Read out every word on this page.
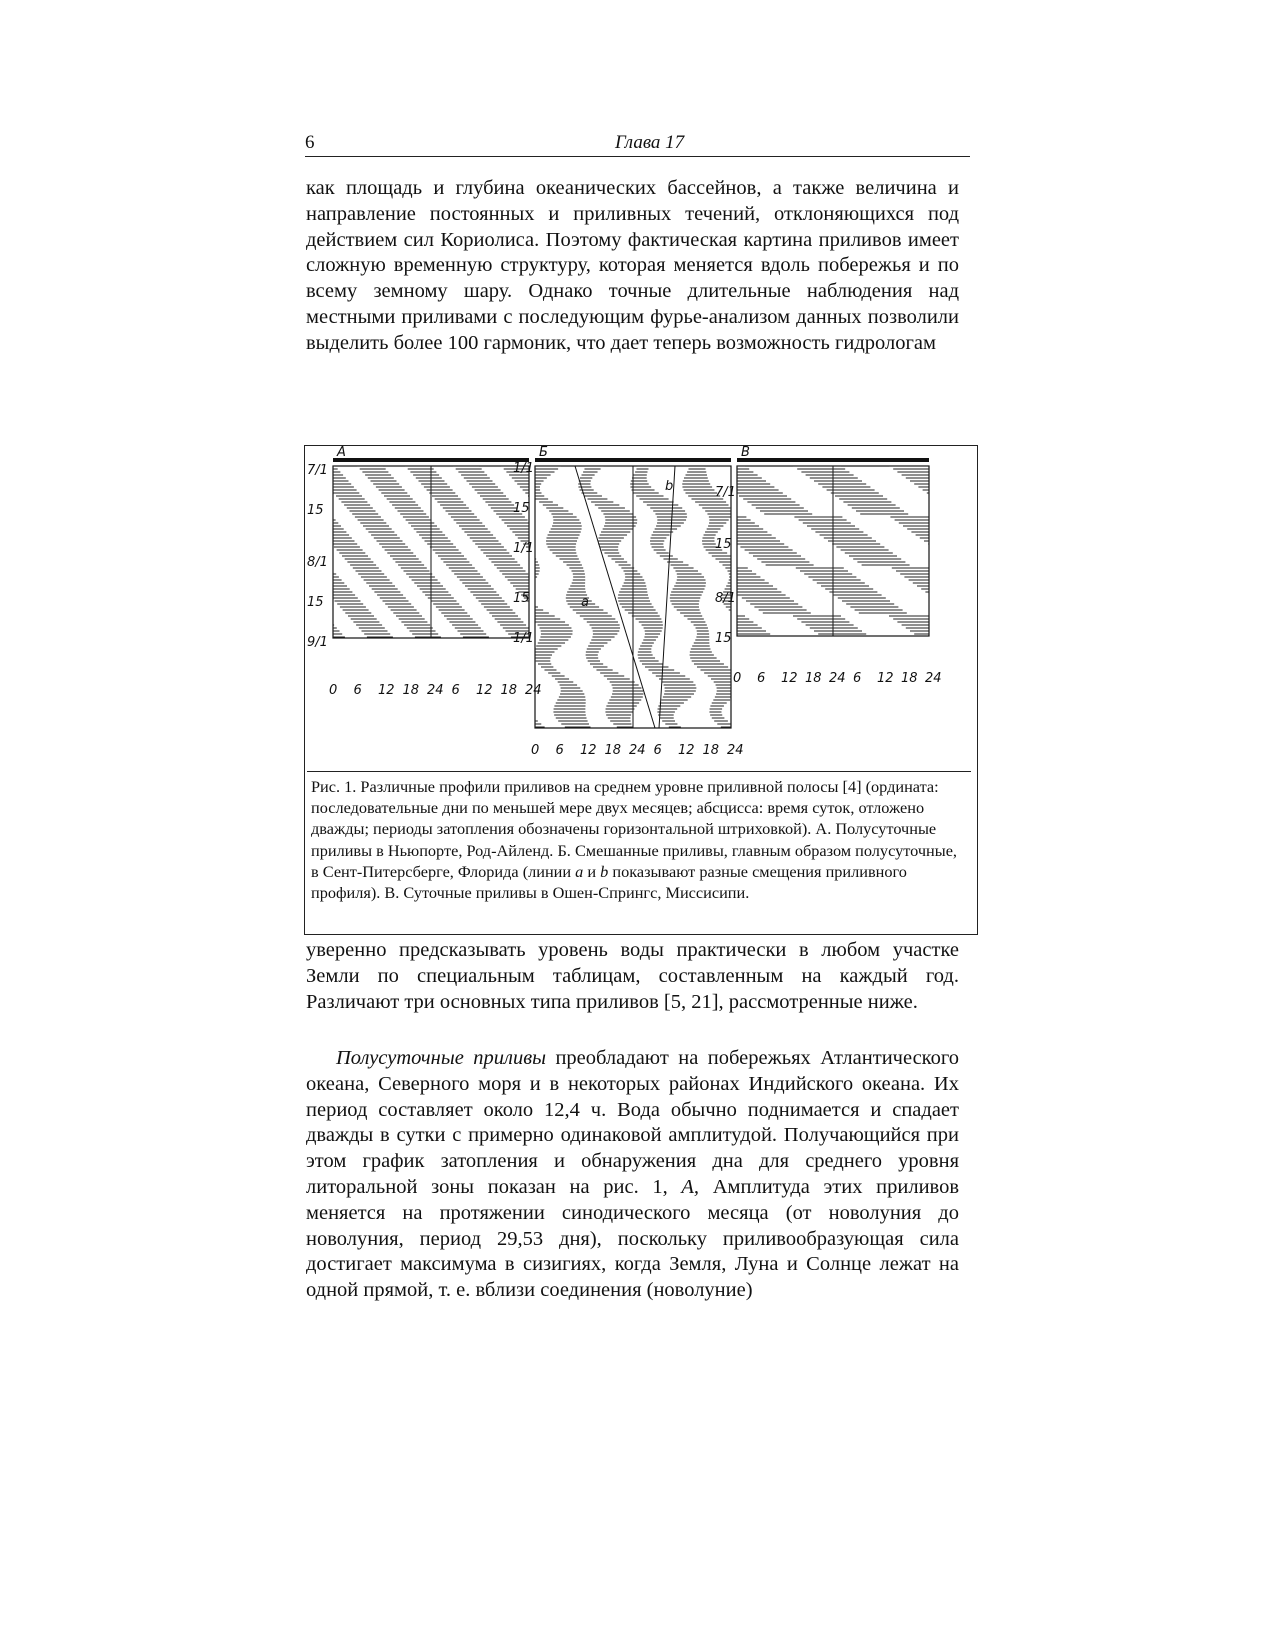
6	Глава 17

как площадь и глубина океанических бассейнов, а также величина и направление постоянных и приливных течений, отклоняющихся под действием сил Кориолиса. Поэтому фактическая картина приливов имеет сложную временную структуру, которая меняется вдоль побережья и по всему земному шару. Однако точные длительные наблюдения над местными приливами с последующим фурье-анализом данных позволили выделить более 100 гармоник, что дает теперь возможность гидрологам

А
7/1
15
8/1
15
9/1
0 6 12 18 24 6 12 18 24
Б
1/1
15
1/1
15
1/1
0 6 12 18 24 6 12 18 24
a
b
В
7/1
15
8/1
15
0 6 12 18 24 6 12 18 24

Рис. 1. Различные профили приливов на среднем уровне приливной полосы [4] (ордината: последовательные дни по меньшей мере двух месяцев; абсцисса: время суток, отложено дважды; периоды затопления обозначены горизонтальной штриховкой). А. Полусуточные приливы в Ньюпорте, Род-Айленд. Б. Смешанные приливы, главным образом полусуточные, в Сент-Питерсберге, Флорида (линии a и b показывают разные смещения приливного профиля). В. Суточные приливы в Ошен-Спрингс, Миссисипи.

уверенно предсказывать уровень воды практически в любом участке Земли по специальным таблицам, составленным на каждый год. Различают три основных типа приливов [5, 21], рассмотренные ниже.

Полусуточные приливы преобладают на побережьях Атлантического океана, Северного моря и в некоторых районах Индийского океана. Их период составляет около 12,4 ч. Вода обычно поднимается и спадает дважды в сутки с примерно одинаковой амплитудой. Получающийся при этом график затопления и обнаружения дна для среднего уровня литоральной зоны показан на рис. 1, А, Амплитуда этих приливов меняется на протяжении синодического месяца (от новолуния до новолуния, период 29,53 дня), поскольку приливообразующая сила достигает максимума в сизигиях, когда Земля, Луна и Солнце лежат на одной прямой, т. е. вблизи соединения (новолуние)
